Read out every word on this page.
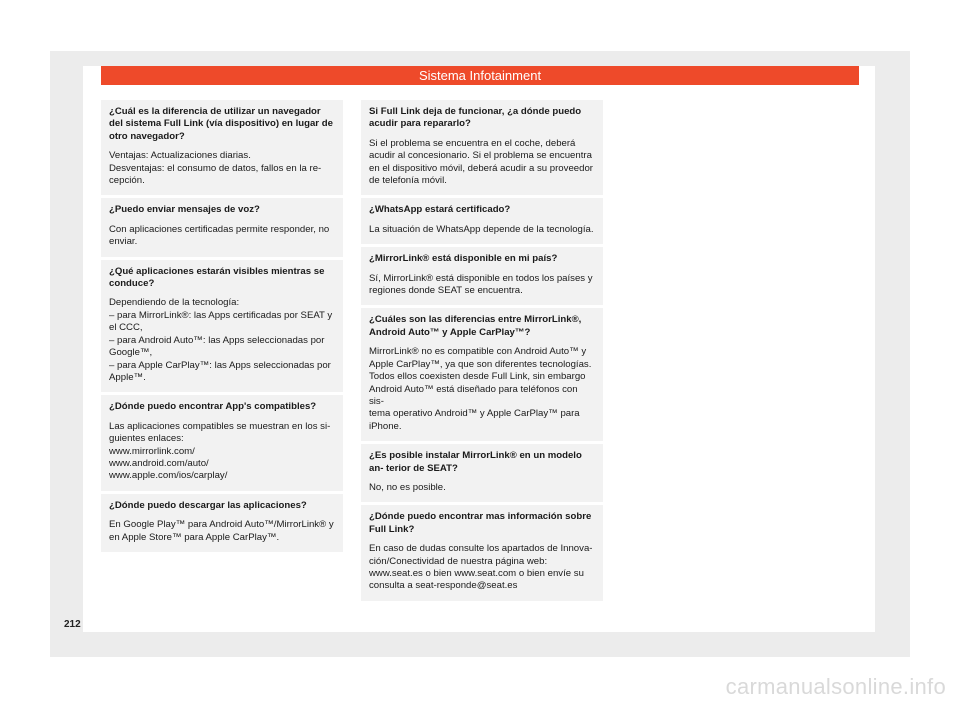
Sistema Infotainment
¿Cuál es la diferencia de utilizar un navegador del sistema Full Link (vía dispositivo) en lugar de otro navegador?
Ventajas: Actualizaciones diarias.
Desventajas: el consumo de datos, fallos en la re-
cepción.
¿Puedo enviar mensajes de voz?
Con aplicaciones certificadas permite responder, no enviar.
¿Qué aplicaciones estarán visibles mientras se conduce?
Dependiendo de la tecnología:
– para MirrorLink®: las Apps certificadas por SEAT y el CCC,
– para Android Auto™: las Apps seleccionadas por Google™,
– para Apple CarPlay™: las Apps seleccionadas por Apple™.
¿Dónde puedo encontrar App's compatibles?
Las aplicaciones compatibles se muestran en los si-
guientes enlaces:
www.mirrorlink.com/
www.android.com/auto/
www.apple.com/ios/carplay/
¿Dónde puedo descargar las aplicaciones?
En Google Play™ para Android Auto™/MirrorLink® y en Apple Store™ para Apple CarPlay™.
Si Full Link deja de funcionar, ¿a dónde puedo acudir para repararlo?
Si el problema se encuentra en el coche, deberá acudir al concesionario. Si el problema se encuentra en el dispositivo móvil, deberá acudir a su proveedor de telefonía móvil.
¿WhatsApp estará certificado?
La situación de WhatsApp depende de la tecnología.
¿MirrorLink® está disponible en mi país?
Sí, MirrorLink® está disponible en todos los países y regiones donde SEAT se encuentra.
¿Cuáles son las diferencias entre MirrorLink®, Android Auto™ y Apple CarPlay™?
MirrorLink® no es compatible con Android Auto™ y Apple CarPlay™, ya que son diferentes tecnologías. Todos ellos coexisten desde Full Link, sin embargo Android Auto™ está diseñado para teléfonos con sis-
tema operativo Android™ y Apple CarPlay™ para iPhone.
¿Es posible instalar MirrorLink® en un modelo an- terior de SEAT?
No, no es posible.
¿Dónde puedo encontrar mas información sobre Full Link?
En caso de dudas consulte los apartados de Innova-
ción/Conectividad de nuestra página web: www.seat.es o bien www.seat.com o bien envíe su consulta a seat-responde@seat.es
212
carmanualsonline.info
